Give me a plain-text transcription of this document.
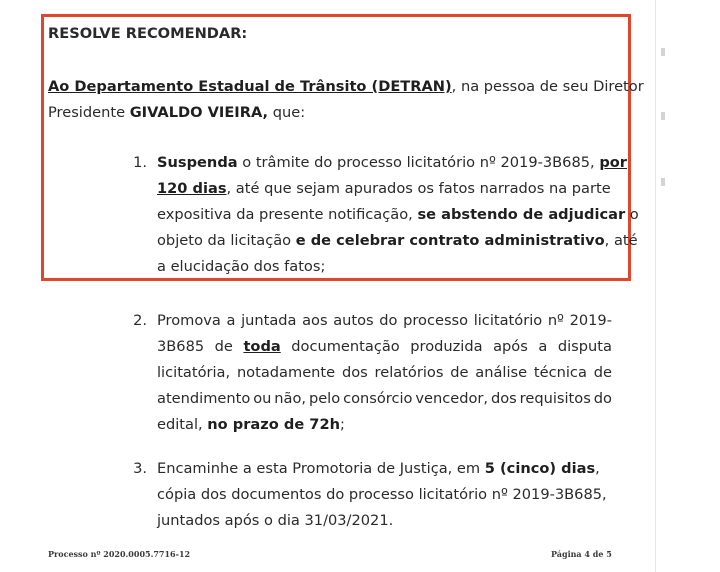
RESOLVE RECOMENDAR:

Ao Departamento Estadual de Trânsito (DETRAN), na pessoa de seu Diretor

Presidente GIVALDO VIEIRA, que:

1. Suspenda o trâmite do processo licitatório nº 2019-3B685, por
120 dias, até que sejam apurados os fatos narrados na parte
expositiva da presente notificação, se abstendo de adjudicar o
objeto da licitação e de celebrar contrato administrativo, até
a elucidação dos fatos;
2. Promova a juntada aos autos do processo licitatório nº 2019-
3B685 de toda documentação produzida após a disputa
licitatória, notadamente dos relatórios de análise técnica de
atendimento ou não, pelo consórcio vencedor, dos requisitos do
edital, no prazo de 72h;
3. Encaminhe a esta Promotoria de Justiça, em 5 (cinco) dias,
cópia dos documentos do processo licitatório nº 2019-3B685,
juntados após o dia 31/03/2021.
Processo nº 2020.0005.7716-12	Página 4 de 5
